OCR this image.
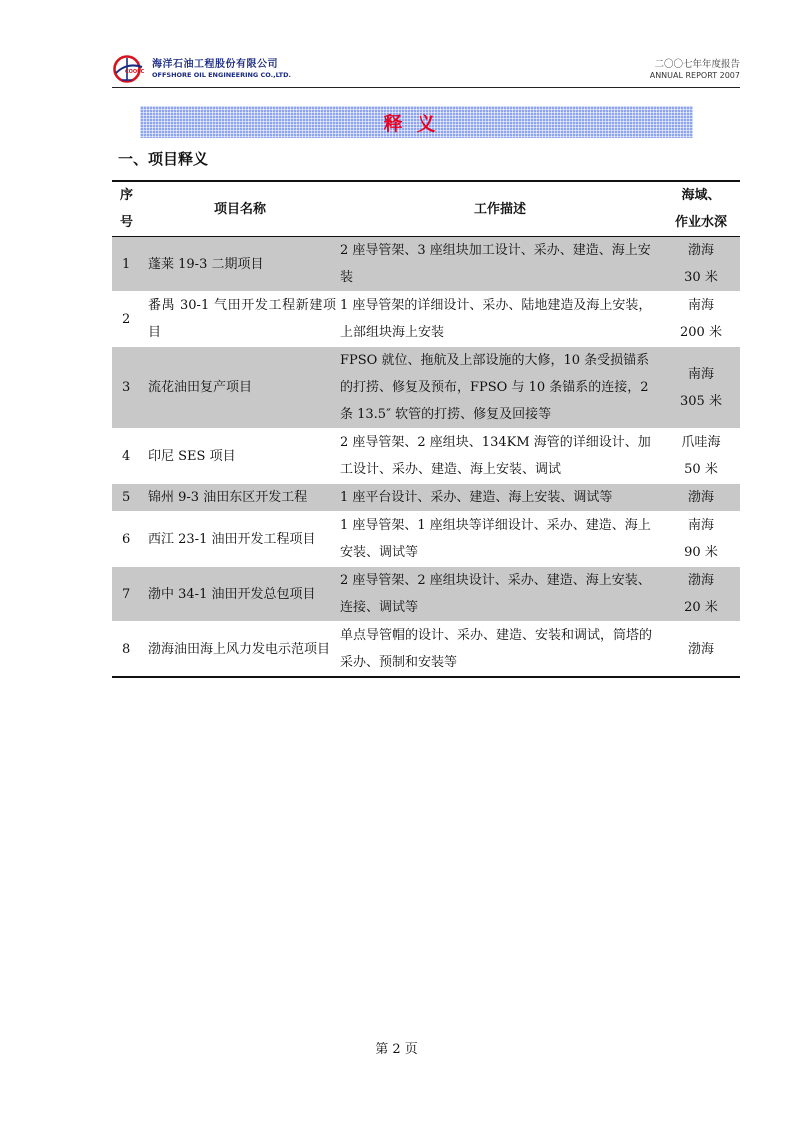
COOEC
海洋石油工程股份有限公司
OFFSHORE OIL ENGINEERING CO.,LTD.
二〇〇七年年度报告
ANNUAL REPORT 2007
释义
一、项目释义
序号	项目名称	工作描述	海域、
作业水深

1	蓬莱 19-3 二期项目	2 座导管架、3 座组块加工设计、采办、建造、海上安装	渤海
30 米

2	番禺 30-1 气田开发工程新建项目	1 座导管架的详细设计、采办、陆地建造及海上安装，上部组块海上安装	南海
200 米

3	流花油田复产项目	FPSO 就位、拖航及上部设施的大修，10 条受损锚系的打捞、修复及预布，FPSO 与 10 条锚系的连接，2 条 13.5″ 软管的打捞、修复及回接等	南海
305 米

4	印尼 SES 项目	2 座导管架、2 座组块、134KM 海管的详细设计、加工设计、采办、建造、海上安装、调试	爪哇海
50 米

5	锦州 9-3 油田东区开发工程	1 座平台设计、采办、建造、海上安装、调试等	渤海

6	西江 23-1 油田开发工程项目	1 座导管架、1 座组块等详细设计、采办、建造、海上安装、调试等	南海
90 米

7	渤中 34-1 油田开发总包项目	2 座导管架、2 座组块设计、采办、建造、海上安装、连接、调试等	渤海
20 米

8	渤海油田海上风力发电示范项目	单点导管帽的设计、采办、建造、安装和调试，筒塔的采办、预制和安装等	渤海
第 2 页
